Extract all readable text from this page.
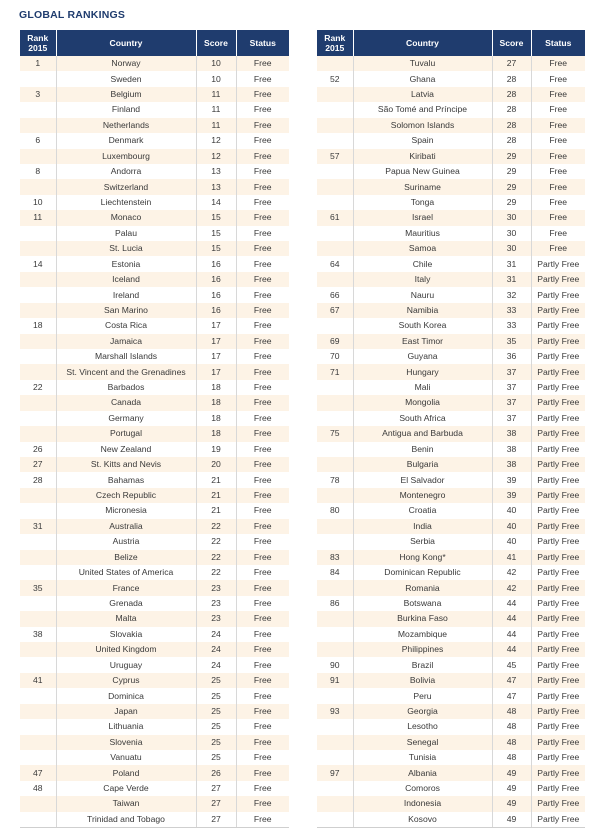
GLOBAL RANKINGS
Rank 2015	Country	Score	Status
1	Norway	10	Free
	Sweden	10	Free
3	Belgium	11	Free
	Finland	11	Free
	Netherlands	11	Free
6	Denmark	12	Free
	Luxembourg	12	Free
8	Andorra	13	Free
	Switzerland	13	Free
10	Liechtenstein	14	Free
11	Monaco	15	Free
	Palau	15	Free
	St. Lucia	15	Free
14	Estonia	16	Free
	Iceland	16	Free
	Ireland	16	Free
	San Marino	16	Free
18	Costa Rica	17	Free
	Jamaica	17	Free
	Marshall Islands	17	Free
	St. Vincent and the Grenadines	17	Free
22	Barbados	18	Free
	Canada	18	Free
	Germany	18	Free
	Portugal	18	Free
26	New Zealand	19	Free
27	St. Kitts and Nevis	20	Free
28	Bahamas	21	Free
	Czech Republic	21	Free
	Micronesia	21	Free
31	Australia	22	Free
	Austria	22	Free
	Belize	22	Free
	United States of America	22	Free
35	France	23	Free
	Grenada	23	Free
	Malta	23	Free
38	Slovakia	24	Free
	United Kingdom	24	Free
	Uruguay	24	Free
41	Cyprus	25	Free
	Dominica	25	Free
	Japan	25	Free
	Lithuania	25	Free
	Slovenia	25	Free
	Vanuatu	25	Free
47	Poland	26	Free
48	Cape Verde	27	Free
	Taiwan	27	Free
	Trinidad and Tobago	27	Free
Rank 2015	Country	Score	Status
	Tuvalu	27	Free
52	Ghana	28	Free
	Latvia	28	Free
	São Tomé and Príncipe	28	Free
	Solomon Islands	28	Free
	Spain	28	Free
57	Kiribati	29	Free
	Papua New Guinea	29	Free
	Suriname	29	Free
	Tonga	29	Free
61	Israel	30	Free
	Mauritius	30	Free
	Samoa	30	Free
64	Chile	31	Partly Free
	Italy	31	Partly Free
66	Nauru	32	Partly Free
67	Namibia	33	Partly Free
	South Korea	33	Partly Free
69	East Timor	35	Partly Free
70	Guyana	36	Partly Free
71	Hungary	37	Partly Free
	Mali	37	Partly Free
	Mongolia	37	Partly Free
	South Africa	37	Partly Free
75	Antigua and Barbuda	38	Partly Free
	Benin	38	Partly Free
	Bulgaria	38	Partly Free
78	El Salvador	39	Partly Free
	Montenegro	39	Partly Free
80	Croatia	40	Partly Free
	India	40	Partly Free
	Serbia	40	Partly Free
83	Hong Kong*	41	Partly Free
84	Dominican Republic	42	Partly Free
	Romania	42	Partly Free
86	Botswana	44	Partly Free
	Burkina Faso	44	Partly Free
	Mozambique	44	Partly Free
	Philippines	44	Partly Free
90	Brazil	45	Partly Free
91	Bolivia	47	Partly Free
	Peru	47	Partly Free
93	Georgia	48	Partly Free
	Lesotho	48	Partly Free
	Senegal	48	Partly Free
	Tunisia	48	Partly Free
97	Albania	49	Partly Free
	Comoros	49	Partly Free
	Indonesia	49	Partly Free
	Kosovo	49	Partly Free
